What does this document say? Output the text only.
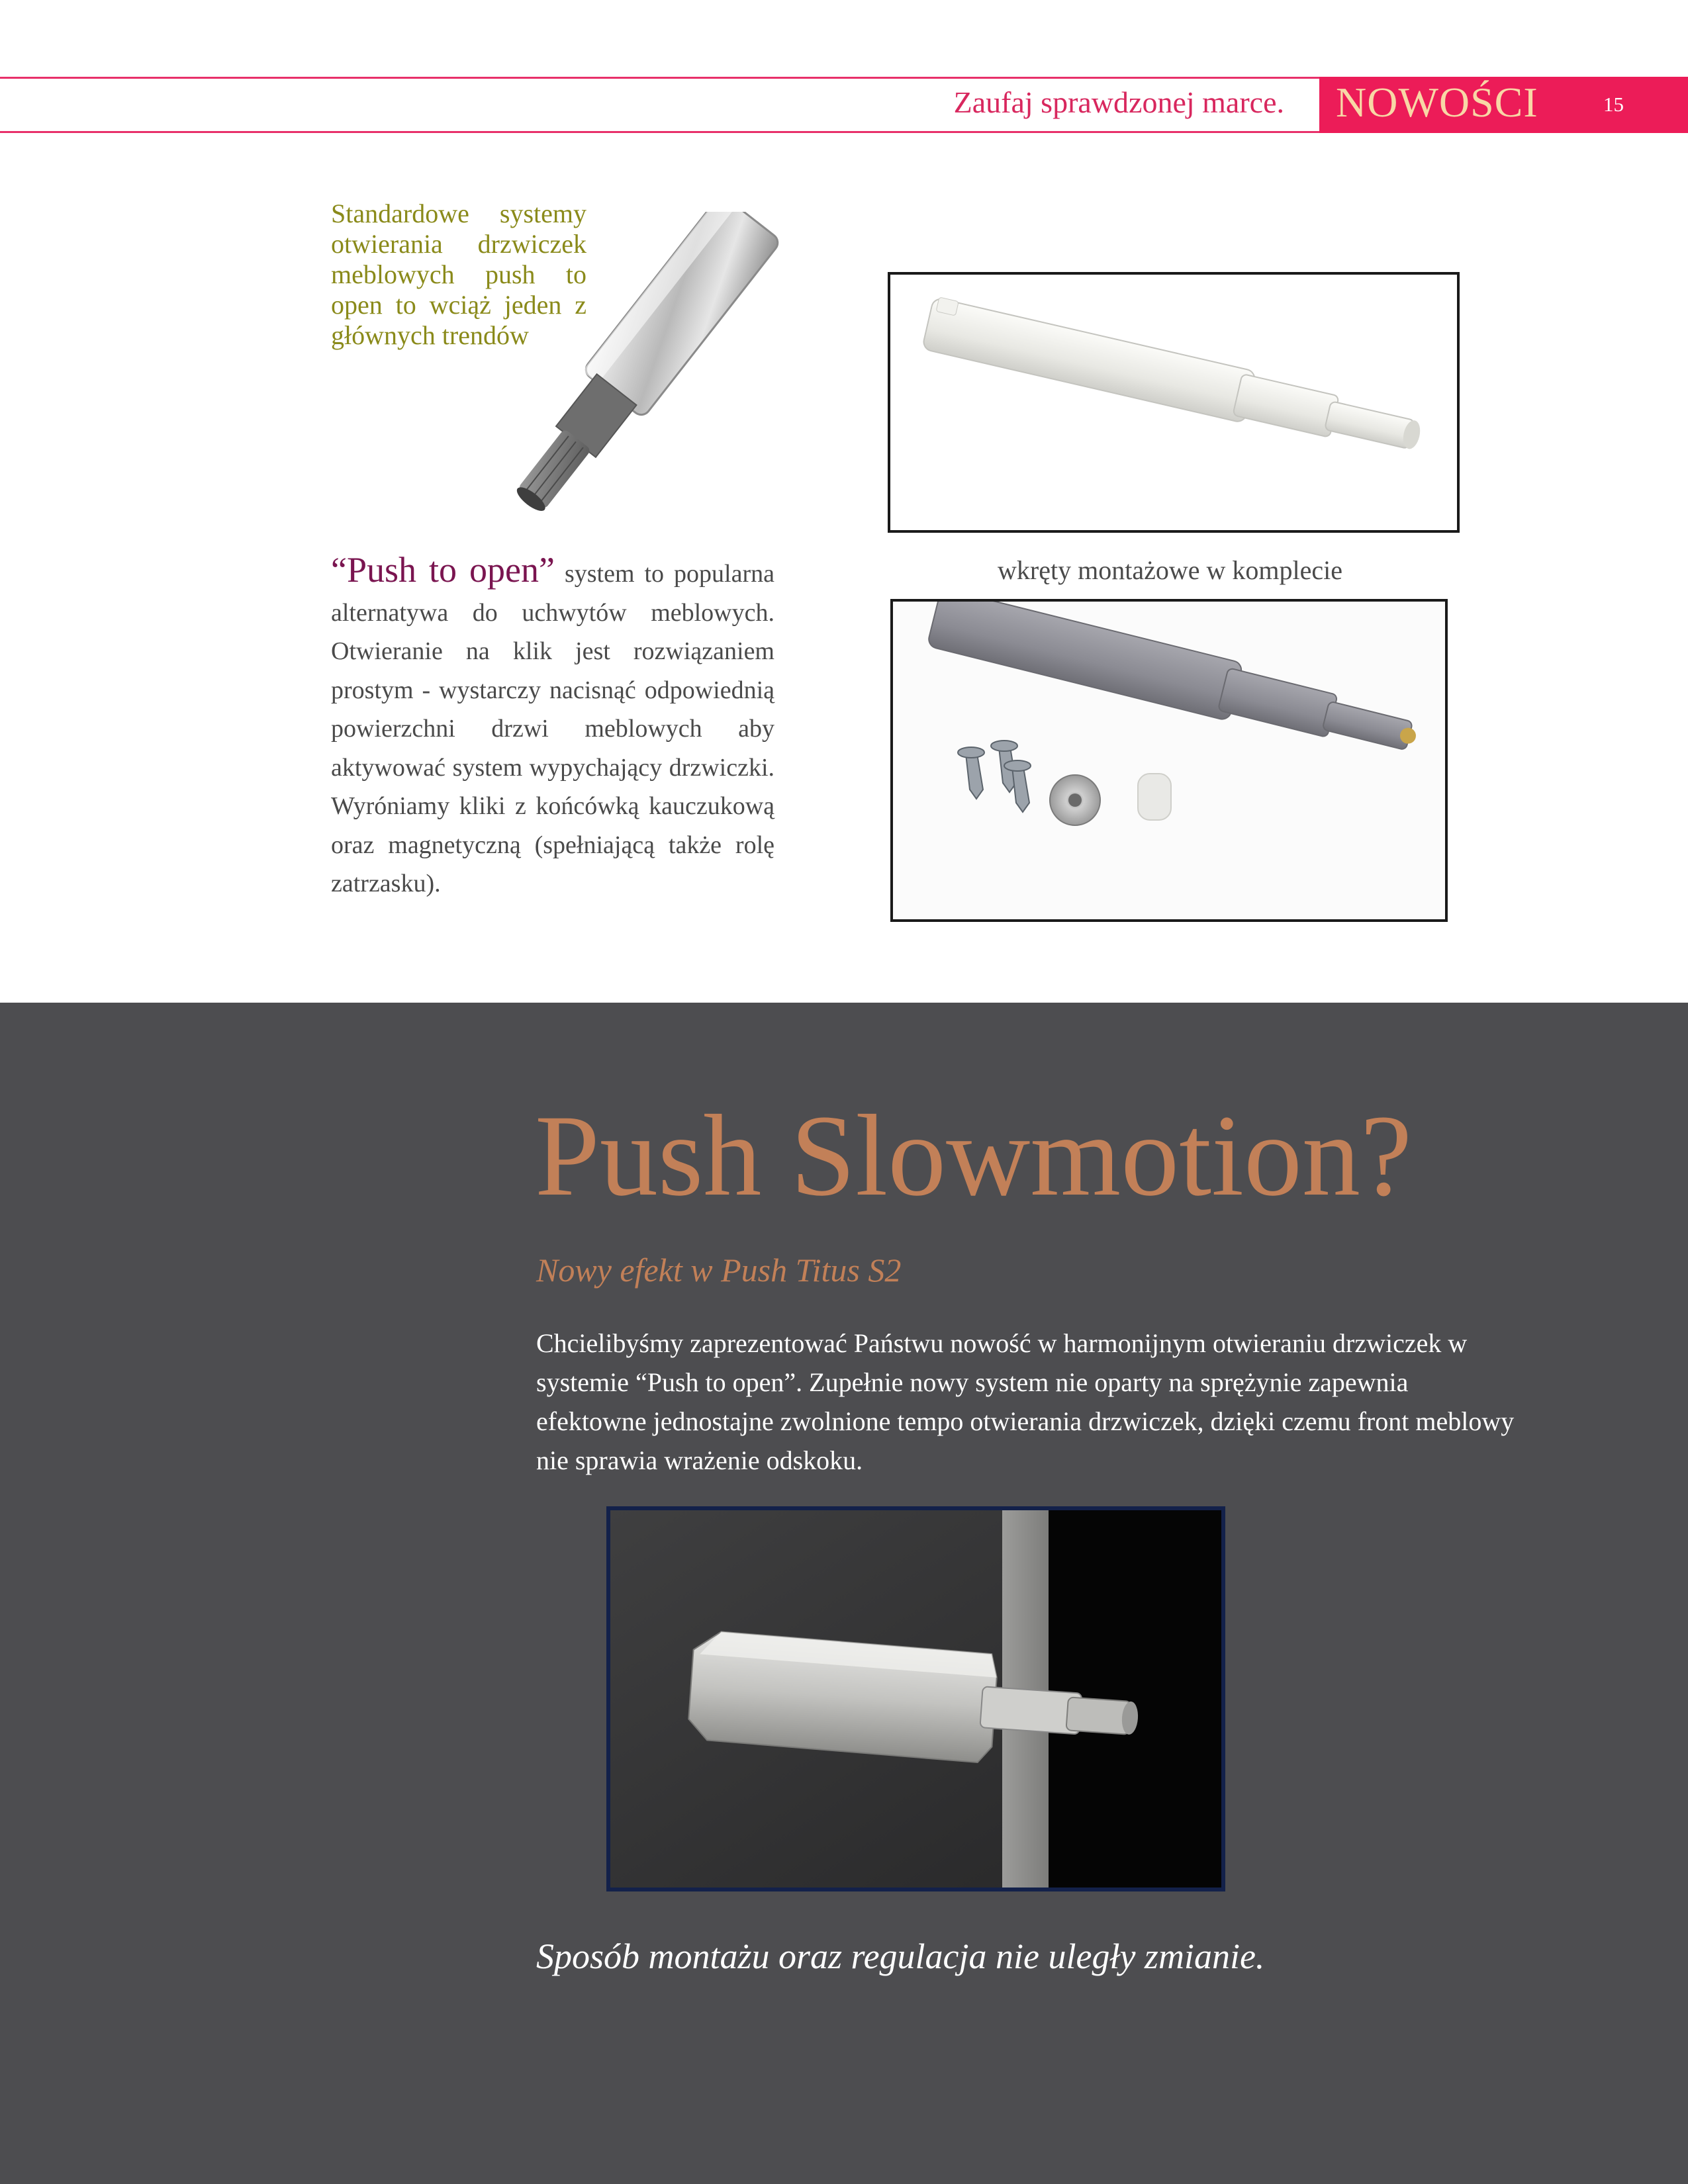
Zaufaj sprawdzonej marce. NOWOŚCI	15
Standardowe systemy otwierania drzwiczek meblowych push to open to wciąż jeden z głównych trendów
“Push to open” system to popularna alternatywa do uchwytów meblowych. Otwieranie na klik jest rozwiązaniem prostym - wystarczy nacisnąć odpowiednią powierzchni drzwi meblowych aby aktywować system wypychający drzwiczki. Wyróniamy kliki z końcówką kauczukową oraz magnetyczną (spełniającą także rolę zatrzasku).
wkręty montażowe w komplecie
Push Slowmotion?
Nowy efekt w Push Titus S2
Chcielibyśmy zaprezentować Państwu nowość w harmonijnym otwieraniu drzwiczek w systemie “Push to open”. Zupełnie nowy system nie oparty na sprężynie zapewnia efektowne jednostajne zwolnione tempo otwierania drzwiczek, dzięki czemu front meblowy nie sprawia wrażenie odskoku.
Sposób montażu oraz regulacja nie uległy zmianie.
